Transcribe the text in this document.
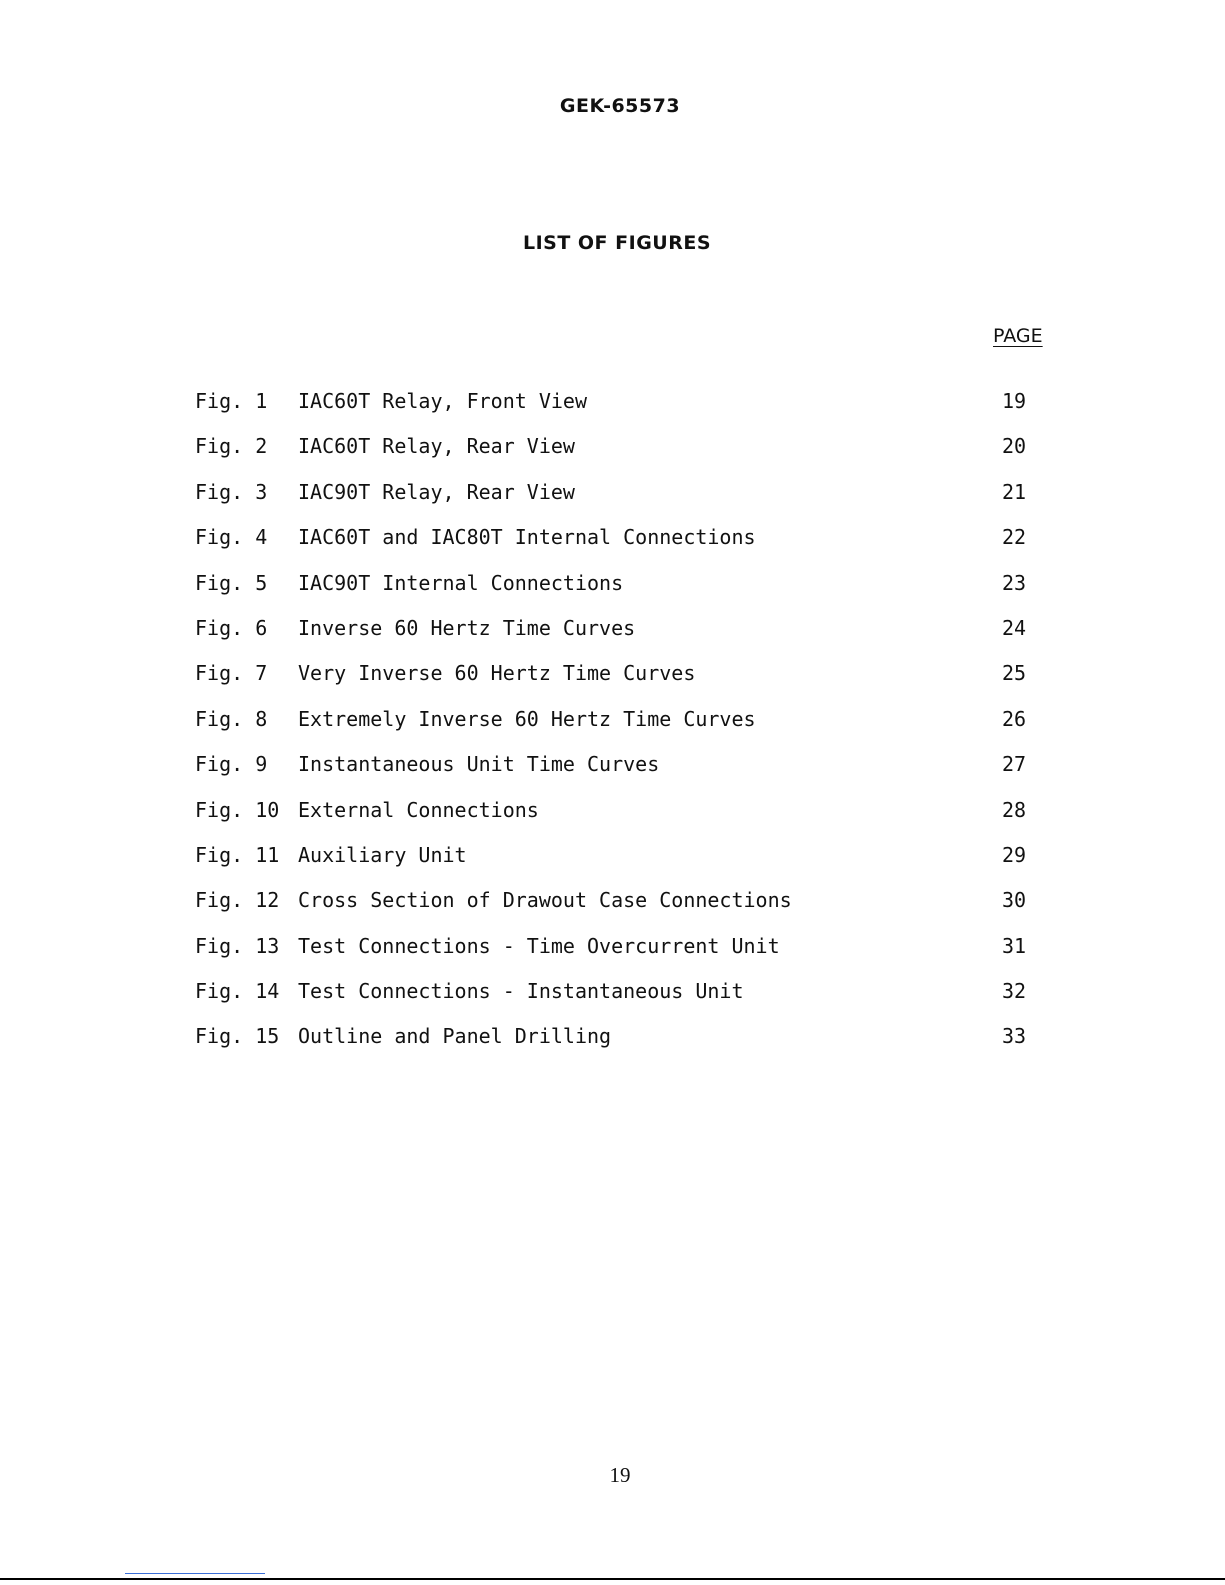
GEK-65573
LIST OF FIGURES
PAGE
Fig. 1 IAC60T Relay, Front View	19
Fig. 2 IAC60T Relay, Rear View	20
Fig. 3 IAC90T Relay, Rear View	21
Fig. 4 IAC60T and IAC80T Internal Connections	22
Fig. 5 IAC90T Internal Connections	23
Fig. 6 Inverse 60 Hertz Time Curves	24
Fig. 7 Very Inverse 60 Hertz Time Curves	25
Fig. 8 Extremely Inverse 60 Hertz Time Curves	26
Fig. 9 Instantaneous Unit Time Curves	27
Fig. 10 External Connections	28
Fig. 11 Auxiliary Unit	29
Fig. 12 Cross Section of Drawout Case Connections	30
Fig. 13 Test Connections - Time Overcurrent Unit	31
Fig. 14 Test Connections - Instantaneous Unit	32
Fig. 15 Outline and Panel Drilling	33
19
